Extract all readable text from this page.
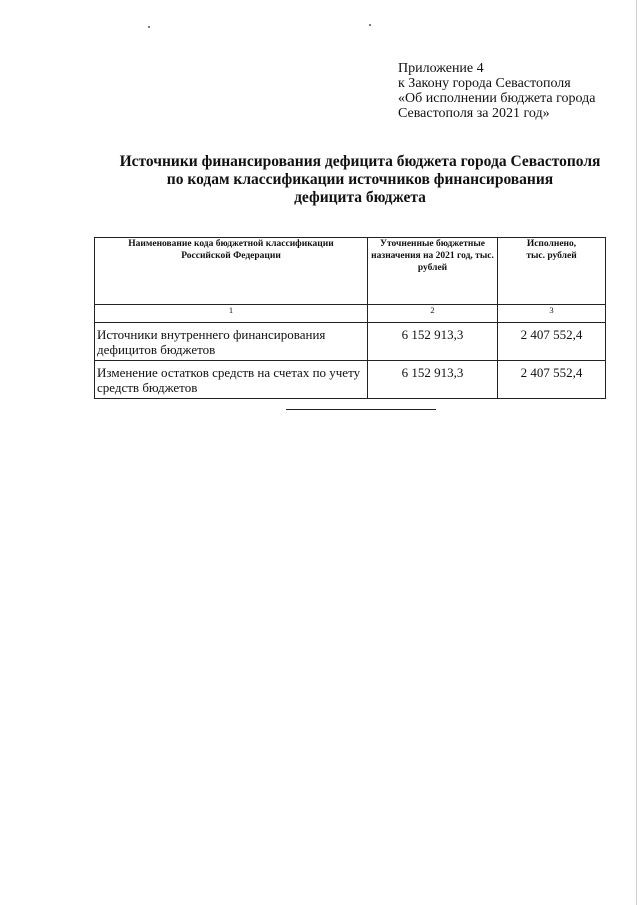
Приложение 4
к Закону города Севастополя
«Об исполнении бюджета города
Севастополя за 2021 год»
Источники финансирования дефицита бюджета города Севастополя
по кодам классификации источников финансирования
дефицита бюджета
Наименование кода бюджетной классификации Российской Федерации	Уточненные бюджетные назначения на 2021 год, тыс. рублей	Исполнено, тыс. рублей
1	2	3
Источники внутреннего финансирования дефицитов бюджетов	6 152 913,3	2 407 552,4
Изменение остатков средств на счетах по учету средств бюджетов	6 152 913,3	2 407 552,4
